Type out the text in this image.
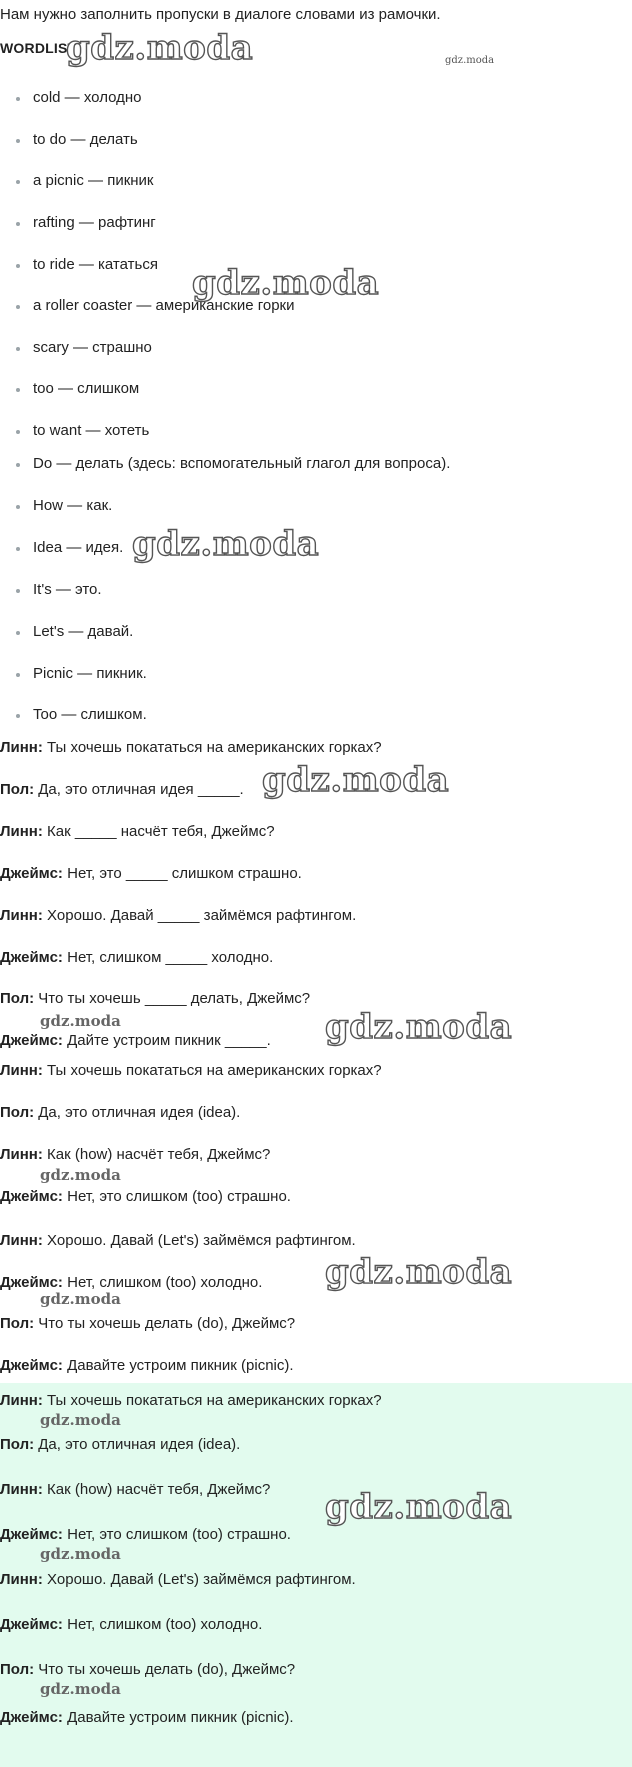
Нам нужно заполнить пропуски в диалоге словами из рамочки.
WORDLIST
cold — холодно
to do — делать
a picnic — пикник
rafting — рафтинг
to ride — кататься
a roller coaster — американские горки
scary — страшно
too — слишком
to want — хотеть
Do — делать (здесь: вспомогательный глагол для вопроса).
How — как.
Idea — идея.
It's — это.
Let's — давай.
Picnic — пикник.
Too — слишком.
Линн: Ты хочешь покататься на американских горках?
Пол: Да, это отличная идея _____.
Линн: Как _____ насчёт тебя, Джеймс?
Джеймс: Нет, это _____ слишком страшно.
Линн: Хорошо. Давай _____ займёмся рафтингом.
Джеймс: Нет, слишком _____ холодно.
Пол: Что ты хочешь _____ делать, Джеймс?
Джеймс: Дайте устроим пикник _____.
Линн: Ты хочешь покататься на американских горках?
Пол: Да, это отличная идея (idea).
Линн: Как (how) насчёт тебя, Джеймс?
Джеймс: Нет, это слишком (too) страшно.
Линн: Хорошо. Давай (Let's) займёмся рафтингом.
Джеймс: Нет, слишком (too) холодно.
Пол: Что ты хочешь делать (do), Джеймс?
Джеймс: Давайте устроим пикник (picnic).
Линн: Ты хочешь покататься на американских горках?
Пол: Да, это отличная идея (idea).
Линн: Как (how) насчёт тебя, Джеймс?
Джеймс: Нет, это слишком (too) страшно.
Линн: Хорошо. Давай (Let's) займёмся рафтингом.
Джеймс: Нет, слишком (too) холодно.
Пол: Что ты хочешь делать (do), Джеймс?
Джеймс: Давайте устроим пикник (picnic).
gdz.moda	gdz.moda
gdz.moda
gdz.moda
gdz.moda
gdz.moda	gdz.moda
gdz.moda
gdz.moda
gdz.moda
gdz.moda
gdz.moda
gdz.moda
gdz.moda
